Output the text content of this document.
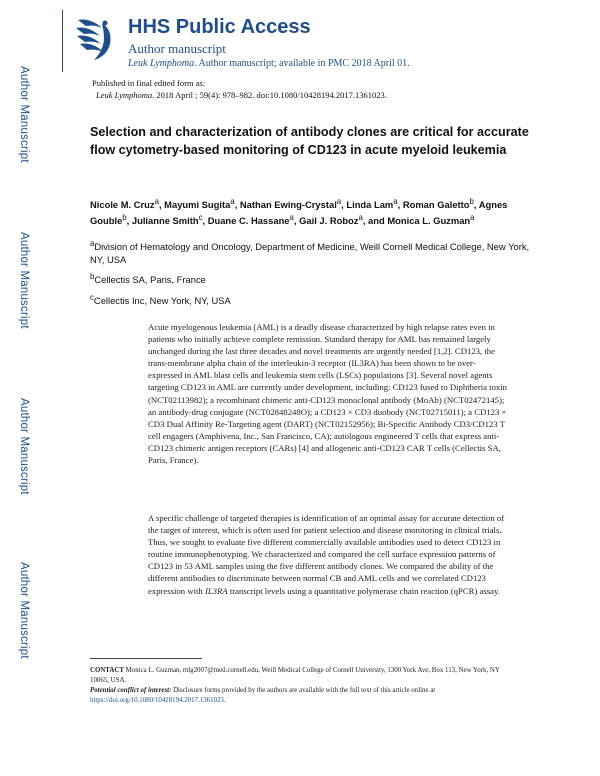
Author Manuscript
Author Manuscript
Author Manuscript
Author Manuscript
HHS Public Access
Author manuscript
Leuk Lymphoma. Author manuscript; available in PMC 2018 April 01.
Published in final edited form as:
Leuk Lymphoma. 2018 April ; 59(4): 978–982. doi:10.1080/10428194.2017.1361023.
Selection and characterization of antibody clones are critical for accurate flow cytometry-based monitoring of CD123 in acute myeloid leukemia
Nicole M. Cruz$^a$, Mayumi Sugita$^a$, Nathan Ewing-Crystal$^a$, Linda Lam$^a$, Roman Galetto$^b$, Agnes Gouble$^b$, Julianne Smith$^c$, Duane C. Hassane$^a$, Gail J. Roboz$^a$, and Monica L. Guzman$^a$
$^a$Division of Hematology and Oncology, Department of Medicine, Weill Cornell Medical College, New York, NY, USA
$^b$Cellectis SA, Paris, France
$^c$Cellectis Inc, New York, NY, USA

Acute myelogenous leukemia (AML) is a deadly disease characterized by high relapse rates even in patients who initially achieve complete remission. Standard therapy for AML has remained largely unchanged during the last three decades and novel treatments are urgently needed [1,2]. CD123, the trans-membrane alpha chain of the interleukin-3 receptor (IL3RA) has been shown to be over-expressed in AML blast cells and leukemia stem cells (LSCs) populations [3]. Several novel agents targeting CD123 in AML are currently under development, including: CD123 fused to Diphtheria toxin (NCT02113982); a recombinant chimeric anti-CD123 monoclonal antibody (MoAb) (NCT02472145); an antibody-drug conjugate (NCT02848248O); a CD123 × CD3 duobody (NCT02715011); a CD123 × CD3 Dual Affinity Re-Targeting agent (DART) (NCT02152956); Bi-Specific Antibody CD3/CD123 T cell engagers (Amphivena, Inc., San Francisco, CA); autologous engineered T cells that express anti-CD123 chimeric antigen receptors (CARs) [4] and allogeneic anti-CD123 CAR T cells (Cellectis SA, Paris, France).

A specific challenge of targeted therapies is identification of an optimal assay for accurate detection of the target of interest, which is often used for patient selection and disease monitoring in clinical trials. Thus, we sought to evaluate five different commercially available antibodies used to detect CD123 in routine immunophenotyping. We characterized and compared the cell surface expression patterns of CD123 in 53 AML samples using the five different antibody clones. We compared the ability of the different antibodies to discriminate between normal CB and AML cells and we correlated CD123 expression with IL3RA transcript levels using a quantitative polymerase chain reaction (qPCR) assay.

CONTACT Monica L. Guzman, mlg2007@med.cornell.edu, Weill Medical College of Cornell University, 1300 York Ave, Box 113, New York, NY 10065, USA.
Potential conflict of interest: Disclosure forms provided by the authors are available with the full text of this article online at https://doi.org/10.1080/10428194.2017.1361023.
